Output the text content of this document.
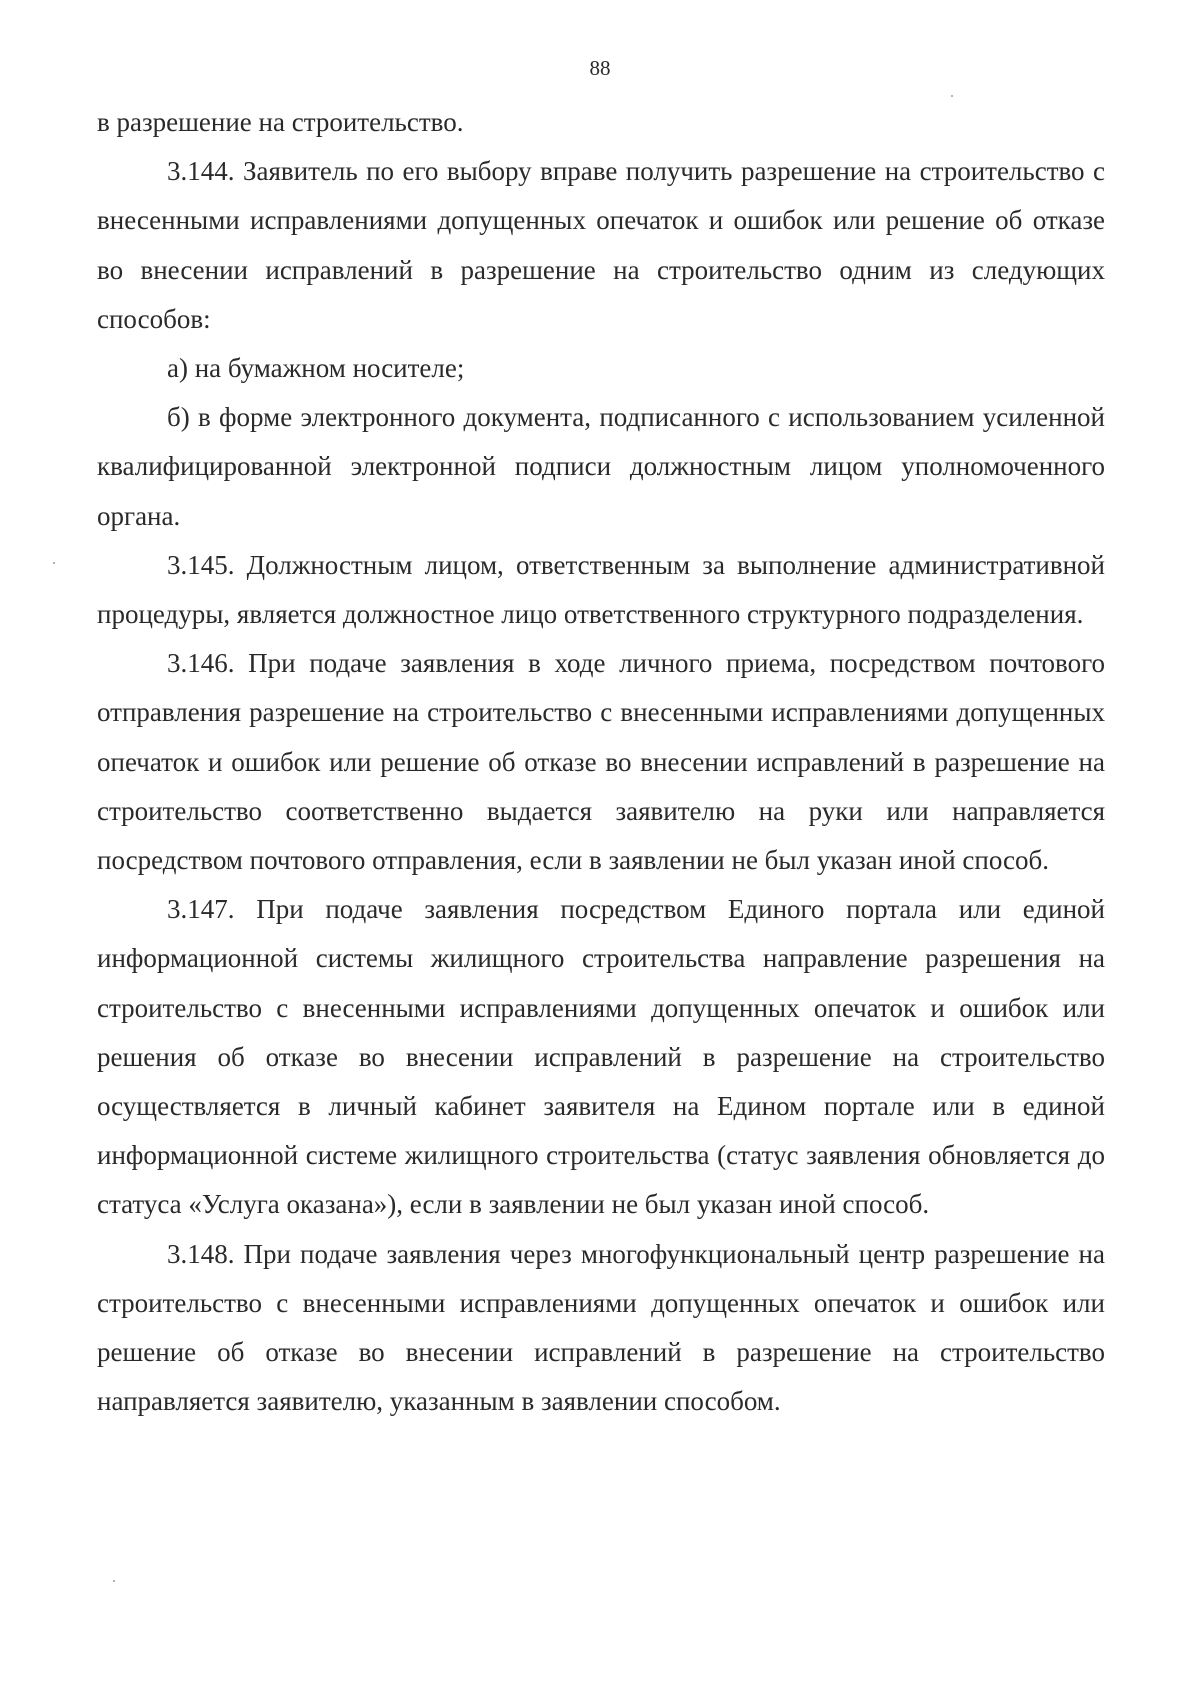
88

в разрешение на строительство.

3.144. Заявитель по его выбору вправе получить разрешение на строительство с внесенными исправлениями допущенных опечаток и ошибок или решение об отказе во внесении исправлений в разрешение на строительство одним из следующих способов:

а) на бумажном носителе;

б) в форме электронного документа, подписанного с использованием усиленной квалифицированной электронной подписи должностным лицом уполномоченного органа.

3.145. Должностным лицом, ответственным за выполнение административной процедуры, является должностное лицо ответственного структурного подразделения.

3.146. При подаче заявления в ходе личного приема, посредством почтового отправления разрешение на строительство с внесенными исправлениями допущенных опечаток и ошибок или решение об отказе во внесении исправлений в разрешение на строительство соответственно выдается заявителю на руки или направляется посредством почтового отправления, если в заявлении не был указан иной способ.

3.147. При подаче заявления посредством Единого портала или единой информационной системы жилищного строительства направление разрешения на строительство с внесенными исправлениями допущенных опечаток и ошибок или решения об отказе во внесении исправлений в разрешение на строительство осуществляется в личный кабинет заявителя на Едином портале или в единой информационной системе жилищного строительства (статус заявления обновляется до статуса «Услуга оказана»), если в заявлении не был указан иной способ.

3.148. При подаче заявления через многофункциональный центр разрешение на строительство с внесенными исправлениями допущенных опечаток и ошибок или решение об отказе во внесении исправлений в разрешение на строительство направляется заявителю, указанным в заявлении способом.
